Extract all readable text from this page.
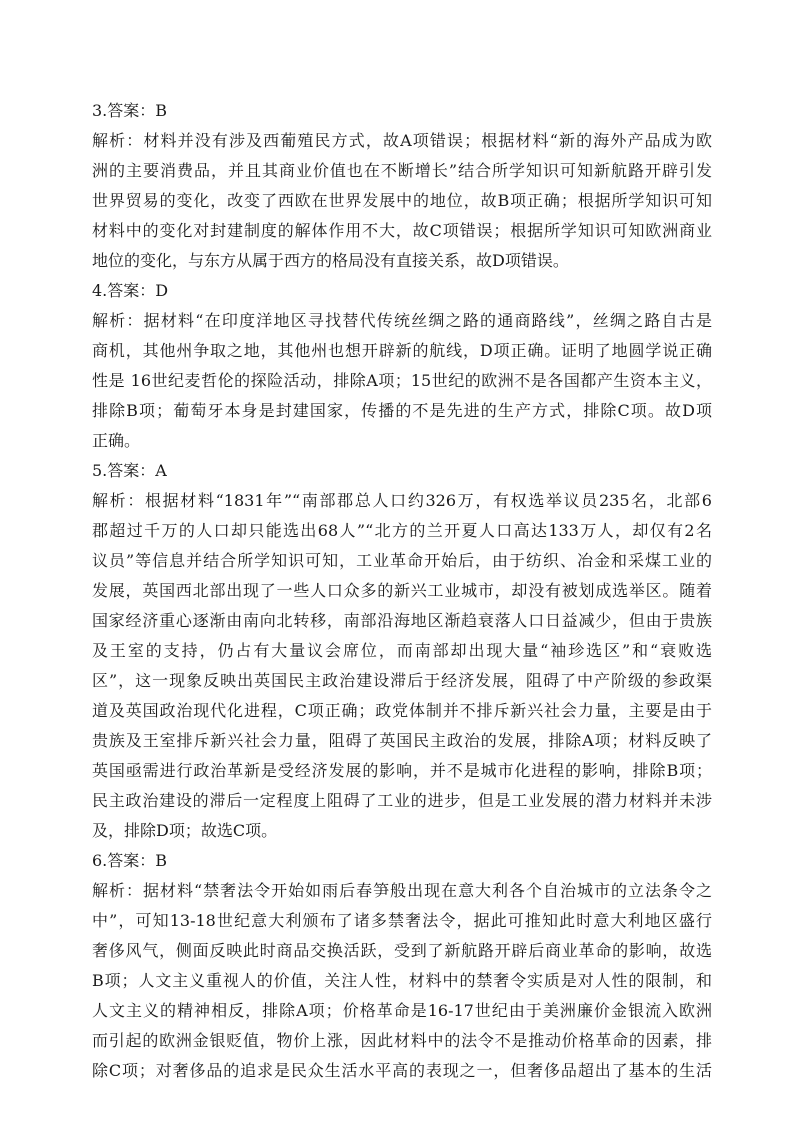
3.答案：B
解析：材料并没有涉及西葡殖民方式，故A项错误；根据材料“新的海外产品成为欧
洲的主要消费品，并且其商业价值也在不断增长”结合所学知识可知新航路开辟引发
世界贸易的变化，改变了西欧在世界发展中的地位，故B项正确；根据所学知识可知
材料中的变化对封建制度的解体作用不大，故C项错误；根据所学知识可知欧洲商业
地位的变化，与东方从属于西方的格局没有直接关系，故D项错误。
4.答案：D
解析：据材料“在印度洋地区寻找替代传统丝绸之路的通商路线”，丝绸之路自古是
商机，其他州争取之地，其他州也想开辟新的航线，D项正确。证明了地圆学说正确
性是 16世纪麦哲伦的探险活动，排除A项；15世纪的欧洲不是各国都产生资本主义，
排除B项；葡萄牙本身是封建国家，传播的不是先进的生产方式，排除C项。故D项
正确。
5.答案：A
解析：根据材料“1831年”“南部郡总人口约326万，有权选举议员235名，北部6
郡超过千万的人口却只能选出68人”“北方的兰开夏人口高达133万人，却仅有2名
议员”等信息并结合所学知识可知，工业革命开始后，由于纺织、冶金和采煤工业的
发展，英国西北部出现了一些人口众多的新兴工业城市，却没有被划成选举区。随着
国家经济重心逐渐由南向北转移，南部沿海地区渐趋衰落人口日益减少，但由于贵族
及王室的支持，仍占有大量议会席位，而南部却出现大量“袖珍选区”和“衰败选
区”，这一现象反映出英国民主政治建设滞后于经济发展，阻碍了中产阶级的参政渠
道及英国政治现代化进程，C项正确；政党体制并不排斥新兴社会力量，主要是由于
贵族及王室排斥新兴社会力量，阻碍了英国民主政治的发展，排除A项；材料反映了
英国亟需进行政治革新是受经济发展的影响，并不是城市化进程的影响，排除B项；
民主政治建设的滞后一定程度上阻碍了工业的进步，但是工业发展的潜力材料并未涉
及，排除D项；故选C项。
6.答案：B
解析：据材料“禁奢法令开始如雨后春笋般出现在意大利各个自治城市的立法条令之
中”，可知13-18世纪意大利颁布了诸多禁奢法令，据此可推知此时意大利地区盛行
奢侈风气，侧面反映此时商品交换活跃，受到了新航路开辟后商业革命的影响，故选
B项；人文主义重视人的价值，关注人性，材料中的禁奢令实质是对人性的限制，和
人文主义的精神相反，排除A项；价格革命是16-17世纪由于美洲廉价金银流入欧洲
而引起的欧洲金银贬值，物价上涨，因此材料中的法令不是推动价格革命的因素，排
除C项；对奢侈品的追求是民众生活水平高的表现之一，但奢侈品超出了基本的生活
